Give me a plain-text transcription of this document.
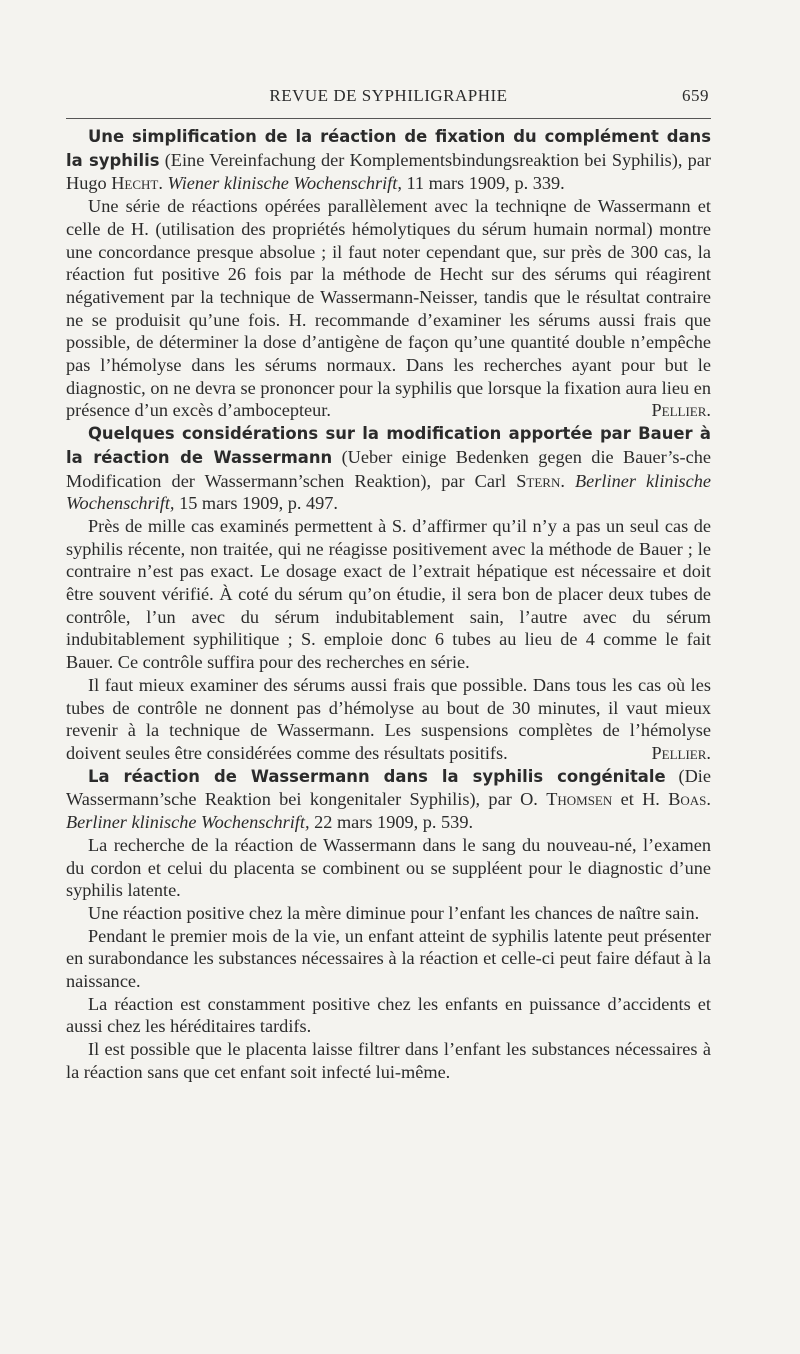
REVUE DE SYPHILIGRAPHIE	659

Une simplification de la réaction de fixation du complément dans la syphilis (Eine Vereinfachung der Komplementsbindungsreaktion bei Syphilis), par Hugo Hecht. Wiener klinische Wochenschrift, 11 mars 1909, p. 339.

Une série de réactions opérées parallèlement avec la techniqne de Wassermann et celle de H. (utilisation des propriétés hémolytiques du sérum humain normal) montre une concordance presque absolue ; il faut noter cependant que, sur près de 300 cas, la réaction fut positive 26 fois par la méthode de Hecht sur des sérums qui réagirent négativement par la technique de Wassermann-Neisser, tandis que le résultat contraire ne se produisit qu’une fois. H. recommande d’examiner les sérums aussi frais que possible, de déterminer la dose d’antigène de façon qu’une quantité double n’empêche pas l’hémolyse dans les sérums normaux. Dans les recherches ayant pour but le diagnostic, on ne devra se prononcer pour la syphilis que lorsque la fixation aura lieu en présence d’un excès d’ambocepteur.	Pellier.

Quelques considérations sur la modification apportée par Bauer à la réaction de Wassermann (Ueber einige Bedenken gegen die Bauer’s-che Modification der Wassermann’schen Reaktion), par Carl Stern. Berliner klinische Wochenschrift, 15 mars 1909, p. 497.

Près de mille cas examinés permettent à S. d’affirmer qu’il n’y a pas un seul cas de syphilis récente, non traitée, qui ne réagisse positivement avec la méthode de Bauer ; le contraire n’est pas exact. Le dosage exact de l’extrait hépatique est nécessaire et doit être souvent vérifié. À coté du sérum qu’on étudie, il sera bon de placer deux tubes de contrôle, l’un avec du sérum indubitablement sain, l’autre avec du sérum indubitablement syphilitique ; S. emploie donc 6 tubes au lieu de 4 comme le fait Bauer. Ce contrôle suffira pour des recherches en série.

Il faut mieux examiner des sérums aussi frais que possible. Dans tous les cas où les tubes de contrôle ne donnent pas d’hémolyse au bout de 30 minutes, il vaut mieux revenir à la technique de Wassermann. Les suspensions complètes de l’hémolyse doivent seules être considérées comme des résultats positifs.	Pellier.

La réaction de Wassermann dans la syphilis congénitale (Die Wassermann’sche Reaktion bei kongenitaler Syphilis), par O. Thomsen et H. Boas. Berliner klinische Wochenschrift, 22 mars 1909, p. 539.

La recherche de la réaction de Wassermann dans le sang du nouveau-né, l’examen du cordon et celui du placenta se combinent ou se suppléent pour le diagnostic d’une syphilis latente.

Une réaction positive chez la mère diminue pour l’enfant les chances de naître sain.

Pendant le premier mois de la vie, un enfant atteint de syphilis latente peut présenter en surabondance les substances nécessaires à la réaction et celle-ci peut faire défaut à la naissance.

La réaction est constamment positive chez les enfants en puissance d’accidents et aussi chez les héréditaires tardifs.

Il est possible que le placenta laisse filtrer dans l’enfant les substances nécessaires à la réaction sans que cet enfant soit infecté lui-même.
